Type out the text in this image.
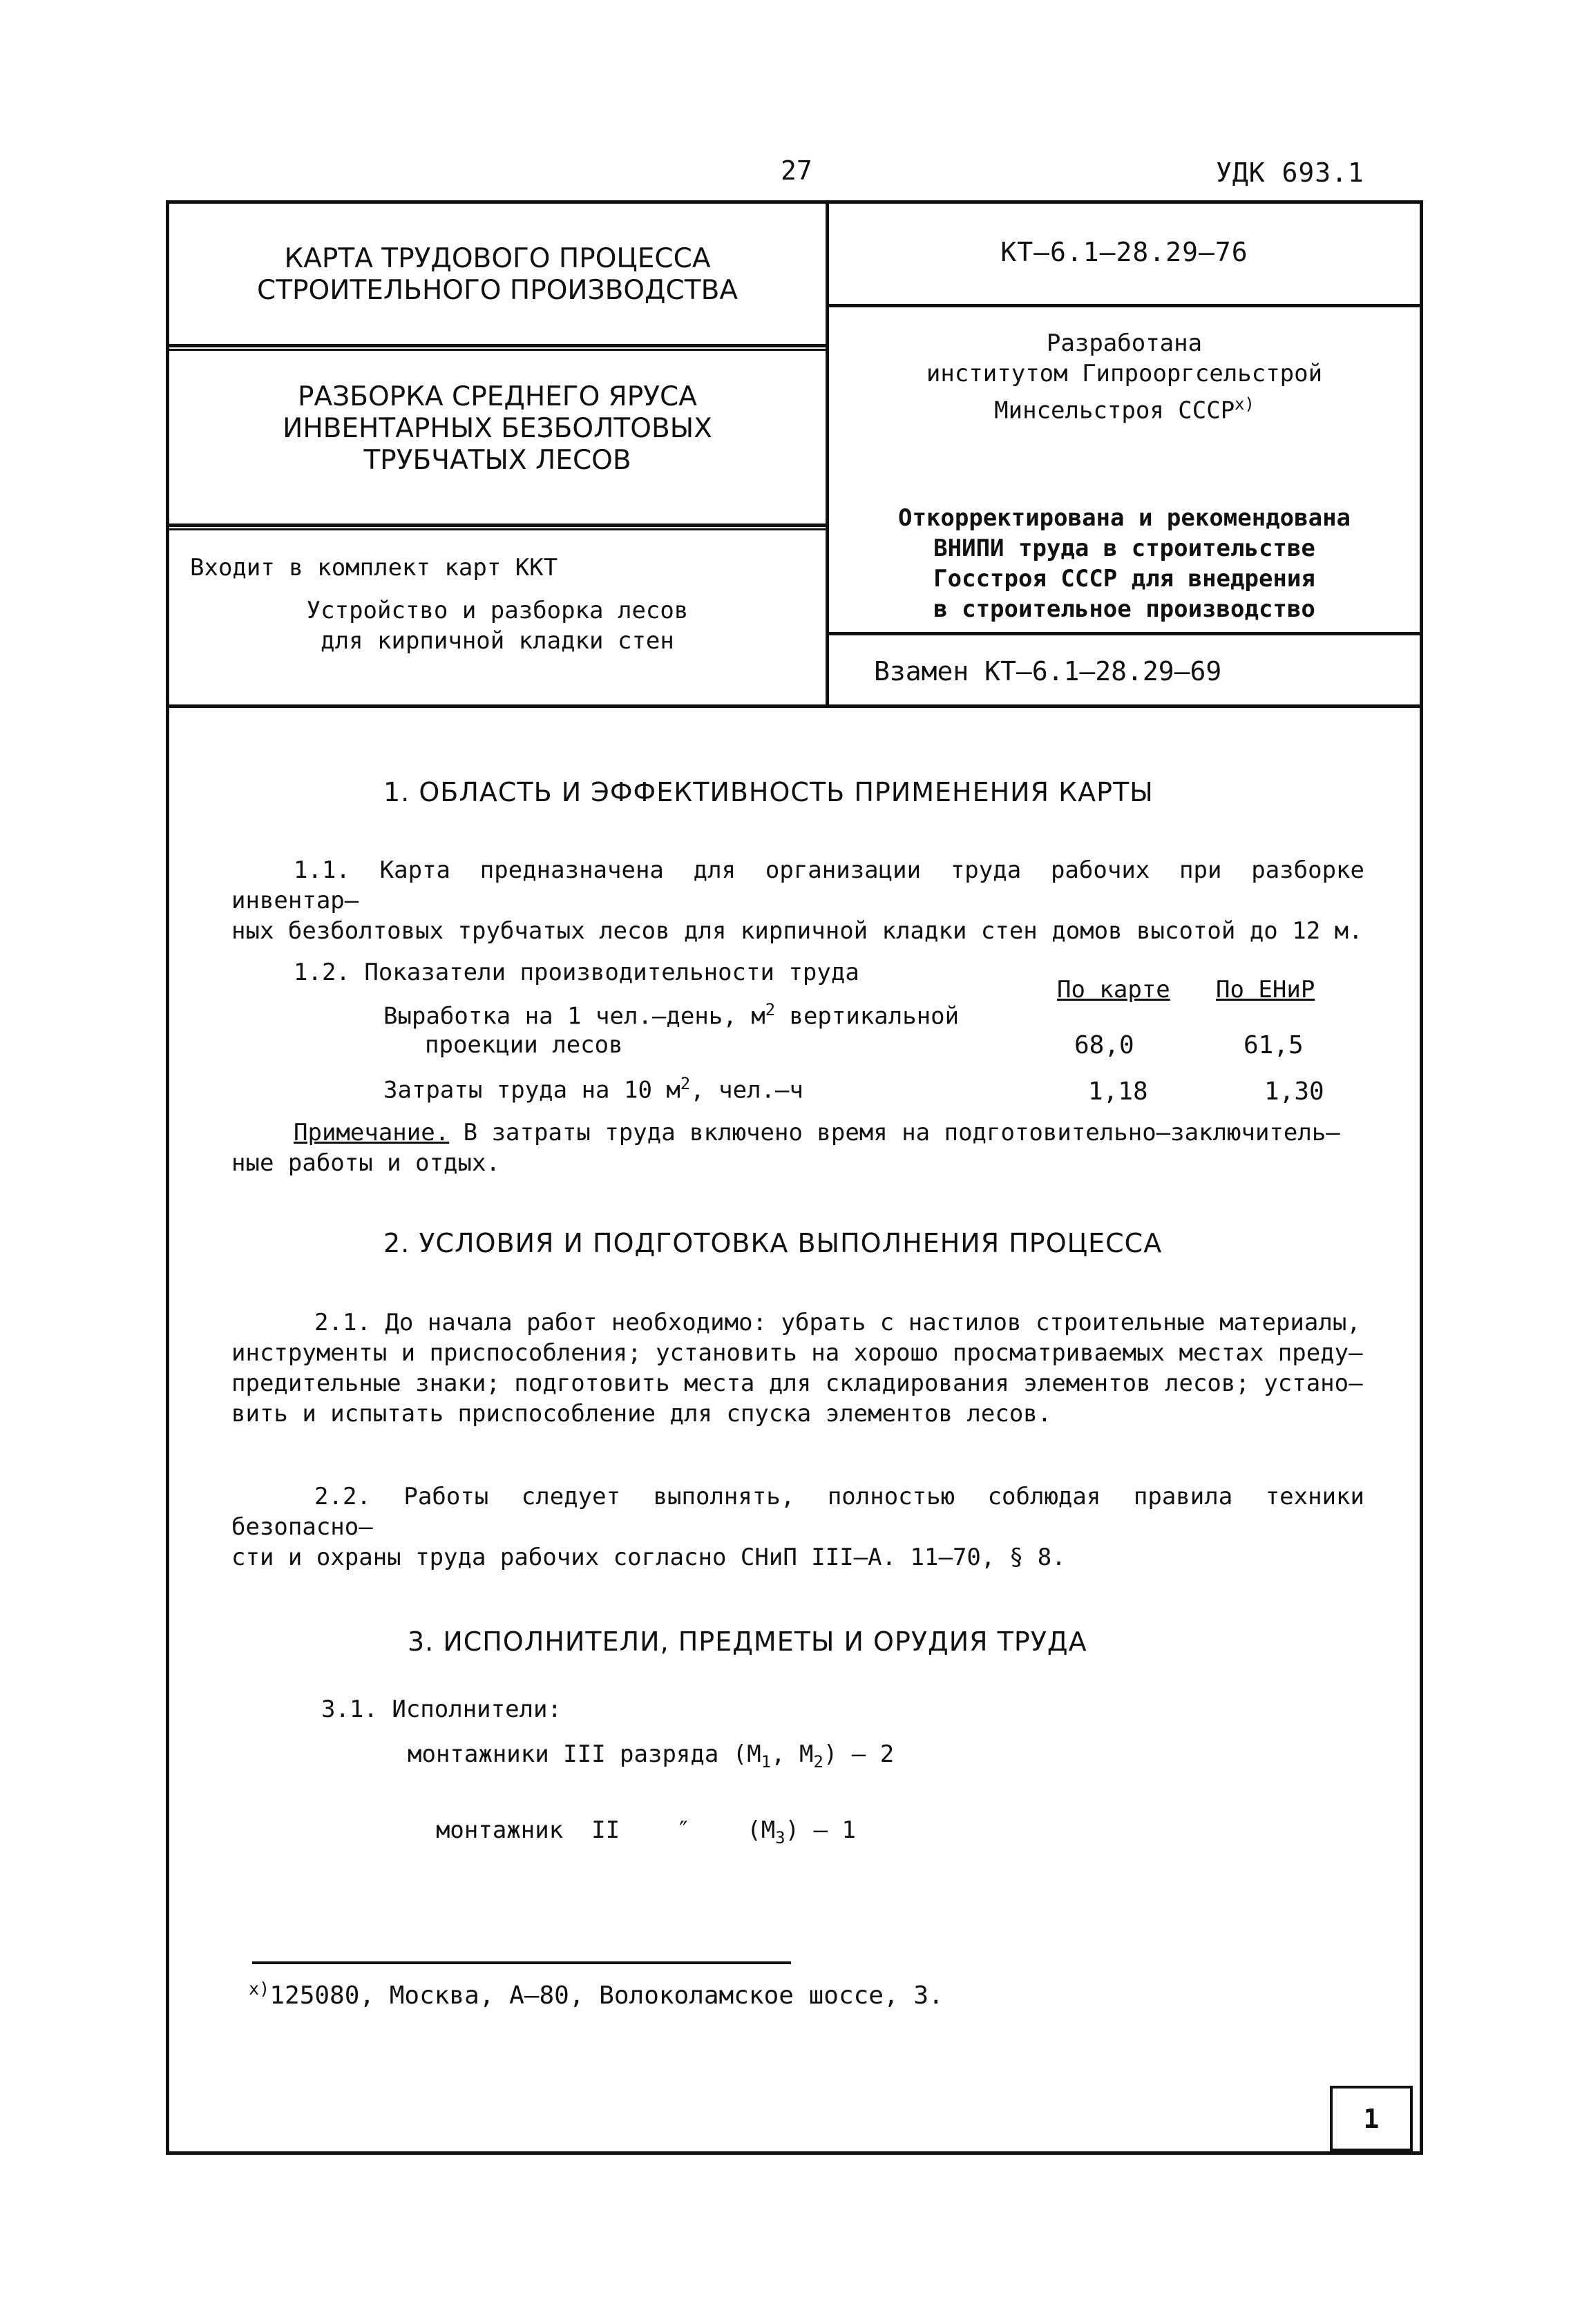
27	УДК 693.1
КАРТА ТРУДОВОГО ПРОЦЕССА
СТРОИТЕЛЬНОГО ПРОИЗВОДСТВА
РАЗБОРКА СРЕДНЕГО ЯРУСА
ИНВЕНТАРНЫХ БЕЗБОЛТОВЫХ
ТРУБЧАТЫХ ЛЕСОВ
Входит в комплект карт ККТ
Устройство и разборка лесов
для кирпичной кладки стен
КТ–6.1–28.29–76
Разработана
институтом Гипрооргсельстрой
Минсельстроя СССР$^{x)}$
Откорректирована и рекомендована
ВНИПИ труда в строительстве
Госстроя СССР для внедрения
в строительное производство
Взамен КТ–6.1–28.29–69
1. ОБЛАСТЬ И ЭФФЕКТИВНОСТЬ ПРИМЕНЕНИЯ КАРТЫ

1.1. Карта предназначена для организации труда рабочих при разборке инвентар–

ных безболтовых трубчатых лесов для кирпичной кладки стен домов высотой до 12 м.

1.2. Показатели производительности труда
По карте По ЕНиР
Выработка на 1 чел.–день, $м^2$ вертикальной
проекции лесов	68,0	61,5
Затраты труда на 10 $м^2$, чел.–ч	1,18	1,30

Примечание. В затраты труда включено время на подготовительно–заключитель–

ные работы и отдых.

2. УСЛОВИЯ И ПОДГОТОВКА ВЫПОЛНЕНИЯ ПРОЦЕССА

2.1. До начала работ необходимо: убрать с настилов строительные материалы,

инструменты и приспособления; установить на хорошо просматриваемых местах преду–

предительные знаки; подготовить места для складирования элементов лесов; устано–

вить и испытать приспособление для спуска элементов лесов.

2.2. Работы следует выполнять, полностью соблюдая правила техники безопасно–

сти и охраны труда рабочих согласно СНиП III–А. 11–70, § 8.

3. ИСПОЛНИТЕЛИ, ПРЕДМЕТЫ И ОРУДИЯ ТРУДА
3.1. Исполнители:
монтажники III разряда ($М_1$, $М_2) - 2$

монтажник  II    ″    $(М_3) - 1$

$^{x)}$125080, Москва, А–80, Волоколамское шоссе, 3.
1
